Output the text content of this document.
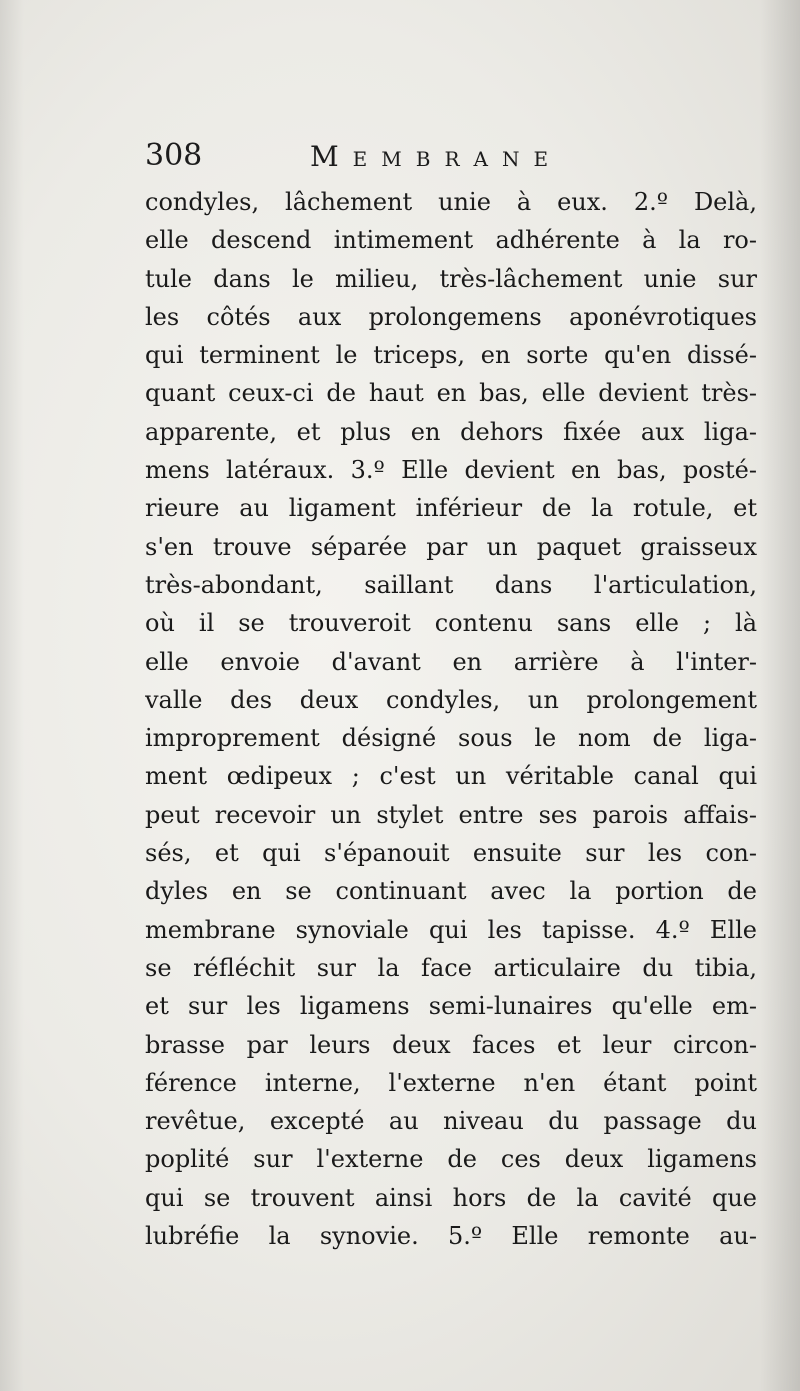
308	Membrane
condyles, lâchement unie à eux. 2.º Delà,
elle descend intimement adhérente à la ro-
tule dans le milieu, très-lâchement unie sur
les côtés aux prolongemens aponévrotiques
qui terminent le triceps, en sorte qu'en dissé-
quant ceux-ci de haut en bas, elle devient très-
apparente, et plus en dehors fixée aux liga-
mens latéraux. 3.º Elle devient en bas, posté-
rieure au ligament inférieur de la rotule, et
s'en trouve séparée par un paquet graisseux
très-abondant, saillant dans l'articulation,
où il se trouveroit contenu sans elle ; là
elle envoie d'avant en arrière à l'inter-
valle des deux condyles, un prolongement
improprement désigné sous le nom de liga-
ment œdipeux ; c'est un véritable canal qui
peut recevoir un stylet entre ses parois affais-
sés, et qui s'épanouit ensuite sur les con-
dyles en se continuant avec la portion de
membrane synoviale qui les tapisse. 4.º Elle
se réfléchit sur la face articulaire du tibia,
et sur les ligamens semi-lunaires qu'elle em-
brasse par leurs deux faces et leur circon-
férence interne, l'externe n'en étant point
revêtue, excepté au niveau du passage du
poplité sur l'externe de ces deux ligamens
qui se trouvent ainsi hors de la cavité que
lubréfie la synovie. 5.º Elle remonte au-
